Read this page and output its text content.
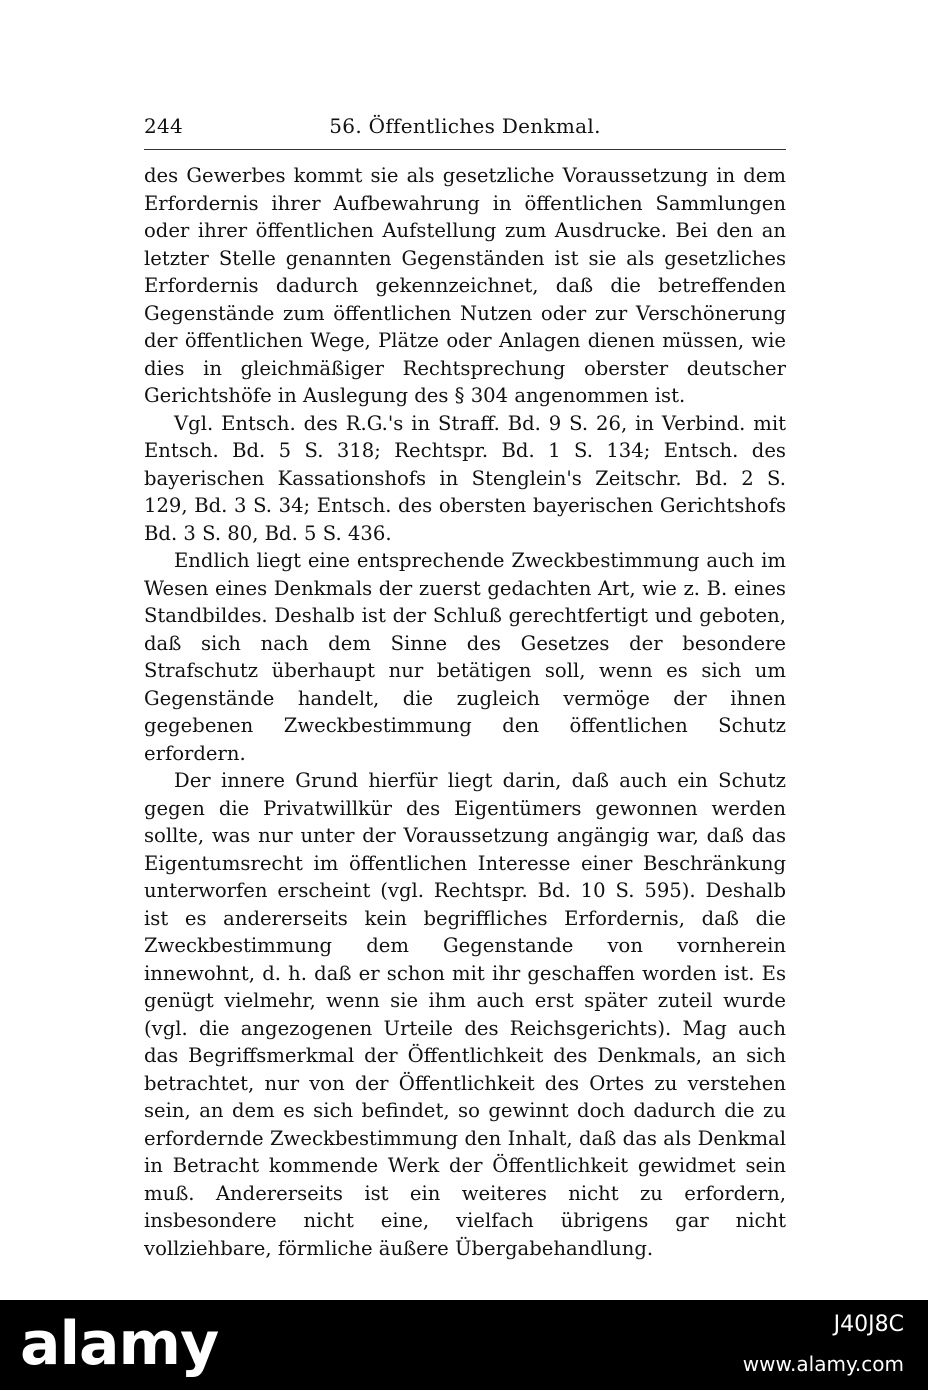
244	56. Öffentliches Denkmal.

des Gewerbes kommt sie als gesetzliche Voraussetzung in dem Erfordernis ihrer Aufbewahrung in öffentlichen Sammlungen oder ihrer öffentlichen Aufstellung zum Ausdrucke. Bei den an letzter Stelle genannten Gegenständen ist sie als gesetzliches Erfordernis dadurch gekennzeichnet, daß die betreffenden Gegenstände zum öffentlichen Nutzen oder zur Verschönerung der öffentlichen Wege, Plätze oder Anlagen dienen müssen, wie dies in gleichmäßiger Rechtsprechung oberster deutscher Gerichtshöfe in Auslegung des § 304 angenommen ist.

Vgl. Entsch. des R.G.'s in Straff. Bd. 9 S. 26, in Verbind. mit Entsch. Bd. 5 S. 318; Rechtspr. Bd. 1 S. 134; Entsch. des bayerischen Kassationshofs in Stenglein's Zeitschr. Bd. 2 S. 129, Bd. 3 S. 34; Entsch. des obersten bayerischen Gerichtshofs Bd. 3 S. 80, Bd. 5 S. 436.

Endlich liegt eine entsprechende Zweckbestimmung auch im Wesen eines Denkmals der zuerst gedachten Art, wie z. B. eines Standbildes. Deshalb ist der Schluß gerechtfertigt und geboten, daß sich nach dem Sinne des Gesetzes der besondere Strafschutz überhaupt nur betätigen soll, wenn es sich um Gegenstände handelt, die zugleich vermöge der ihnen gegebenen Zweckbestimmung den öffentlichen Schutz erfordern.

Der innere Grund hierfür liegt darin, daß auch ein Schutz gegen die Privatwillkür des Eigentümers gewonnen werden sollte, was nur unter der Voraussetzung angängig war, daß das Eigentumsrecht im öffentlichen Interesse einer Beschränkung unterworfen erscheint (vgl. Rechtspr. Bd. 10 S. 595). Deshalb ist es andererseits kein begriffliches Erfordernis, daß die Zweckbestimmung dem Gegenstande von vornherein innewohnt, d. h. daß er schon mit ihr geschaffen worden ist. Es genügt vielmehr, wenn sie ihm auch erst später zuteil wurde (vgl. die angezogenen Urteile des Reichsgerichts). Mag auch das Begriffsmerkmal der Öffentlichkeit des Denkmals, an sich betrachtet, nur von der Öffentlichkeit des Ortes zu verstehen sein, an dem es sich befindet, so gewinnt doch dadurch die zu erfordernde Zweckbestimmung den Inhalt, daß das als Denkmal in Betracht kommende Werk der Öffentlichkeit gewidmet sein muß. Andererseits ist ein weiteres nicht zu erfordern, insbesondere nicht eine, vielfach übrigens gar nicht vollziehbare, förmliche äußere Übergabehandlung.

alamy	J40J8C
www.alamy.com
